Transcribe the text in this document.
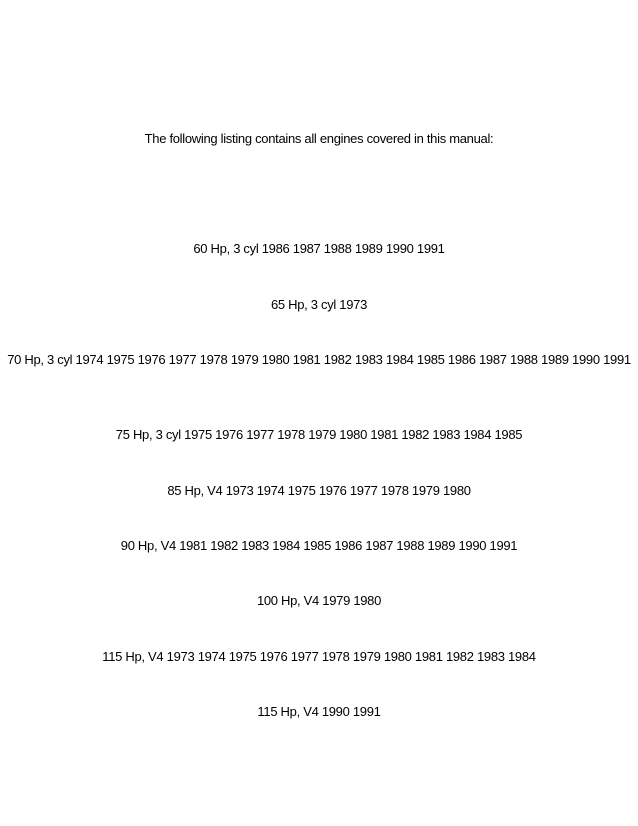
The following listing contains all engines covered in this manual:
60 Hp, 3 cyl 1986 1987 1988 1989 1990 1991
65 Hp, 3 cyl 1973
70 Hp, 3 cyl 1974 1975 1976 1977 1978 1979 1980 1981 1982 1983 1984 1985 1986 1987 1988 1989 1990 1991
75 Hp, 3 cyl 1975 1976 1977 1978 1979 1980 1981 1982 1983 1984 1985
85 Hp, V4 1973 1974 1975 1976 1977 1978 1979 1980
90 Hp, V4 1981 1982 1983 1984 1985 1986 1987 1988 1989 1990 1991
100 Hp, V4 1979 1980
115 Hp, V4 1973 1974 1975 1976 1977 1978 1979 1980 1981 1982 1983 1984
115 Hp, V4 1990 1991
